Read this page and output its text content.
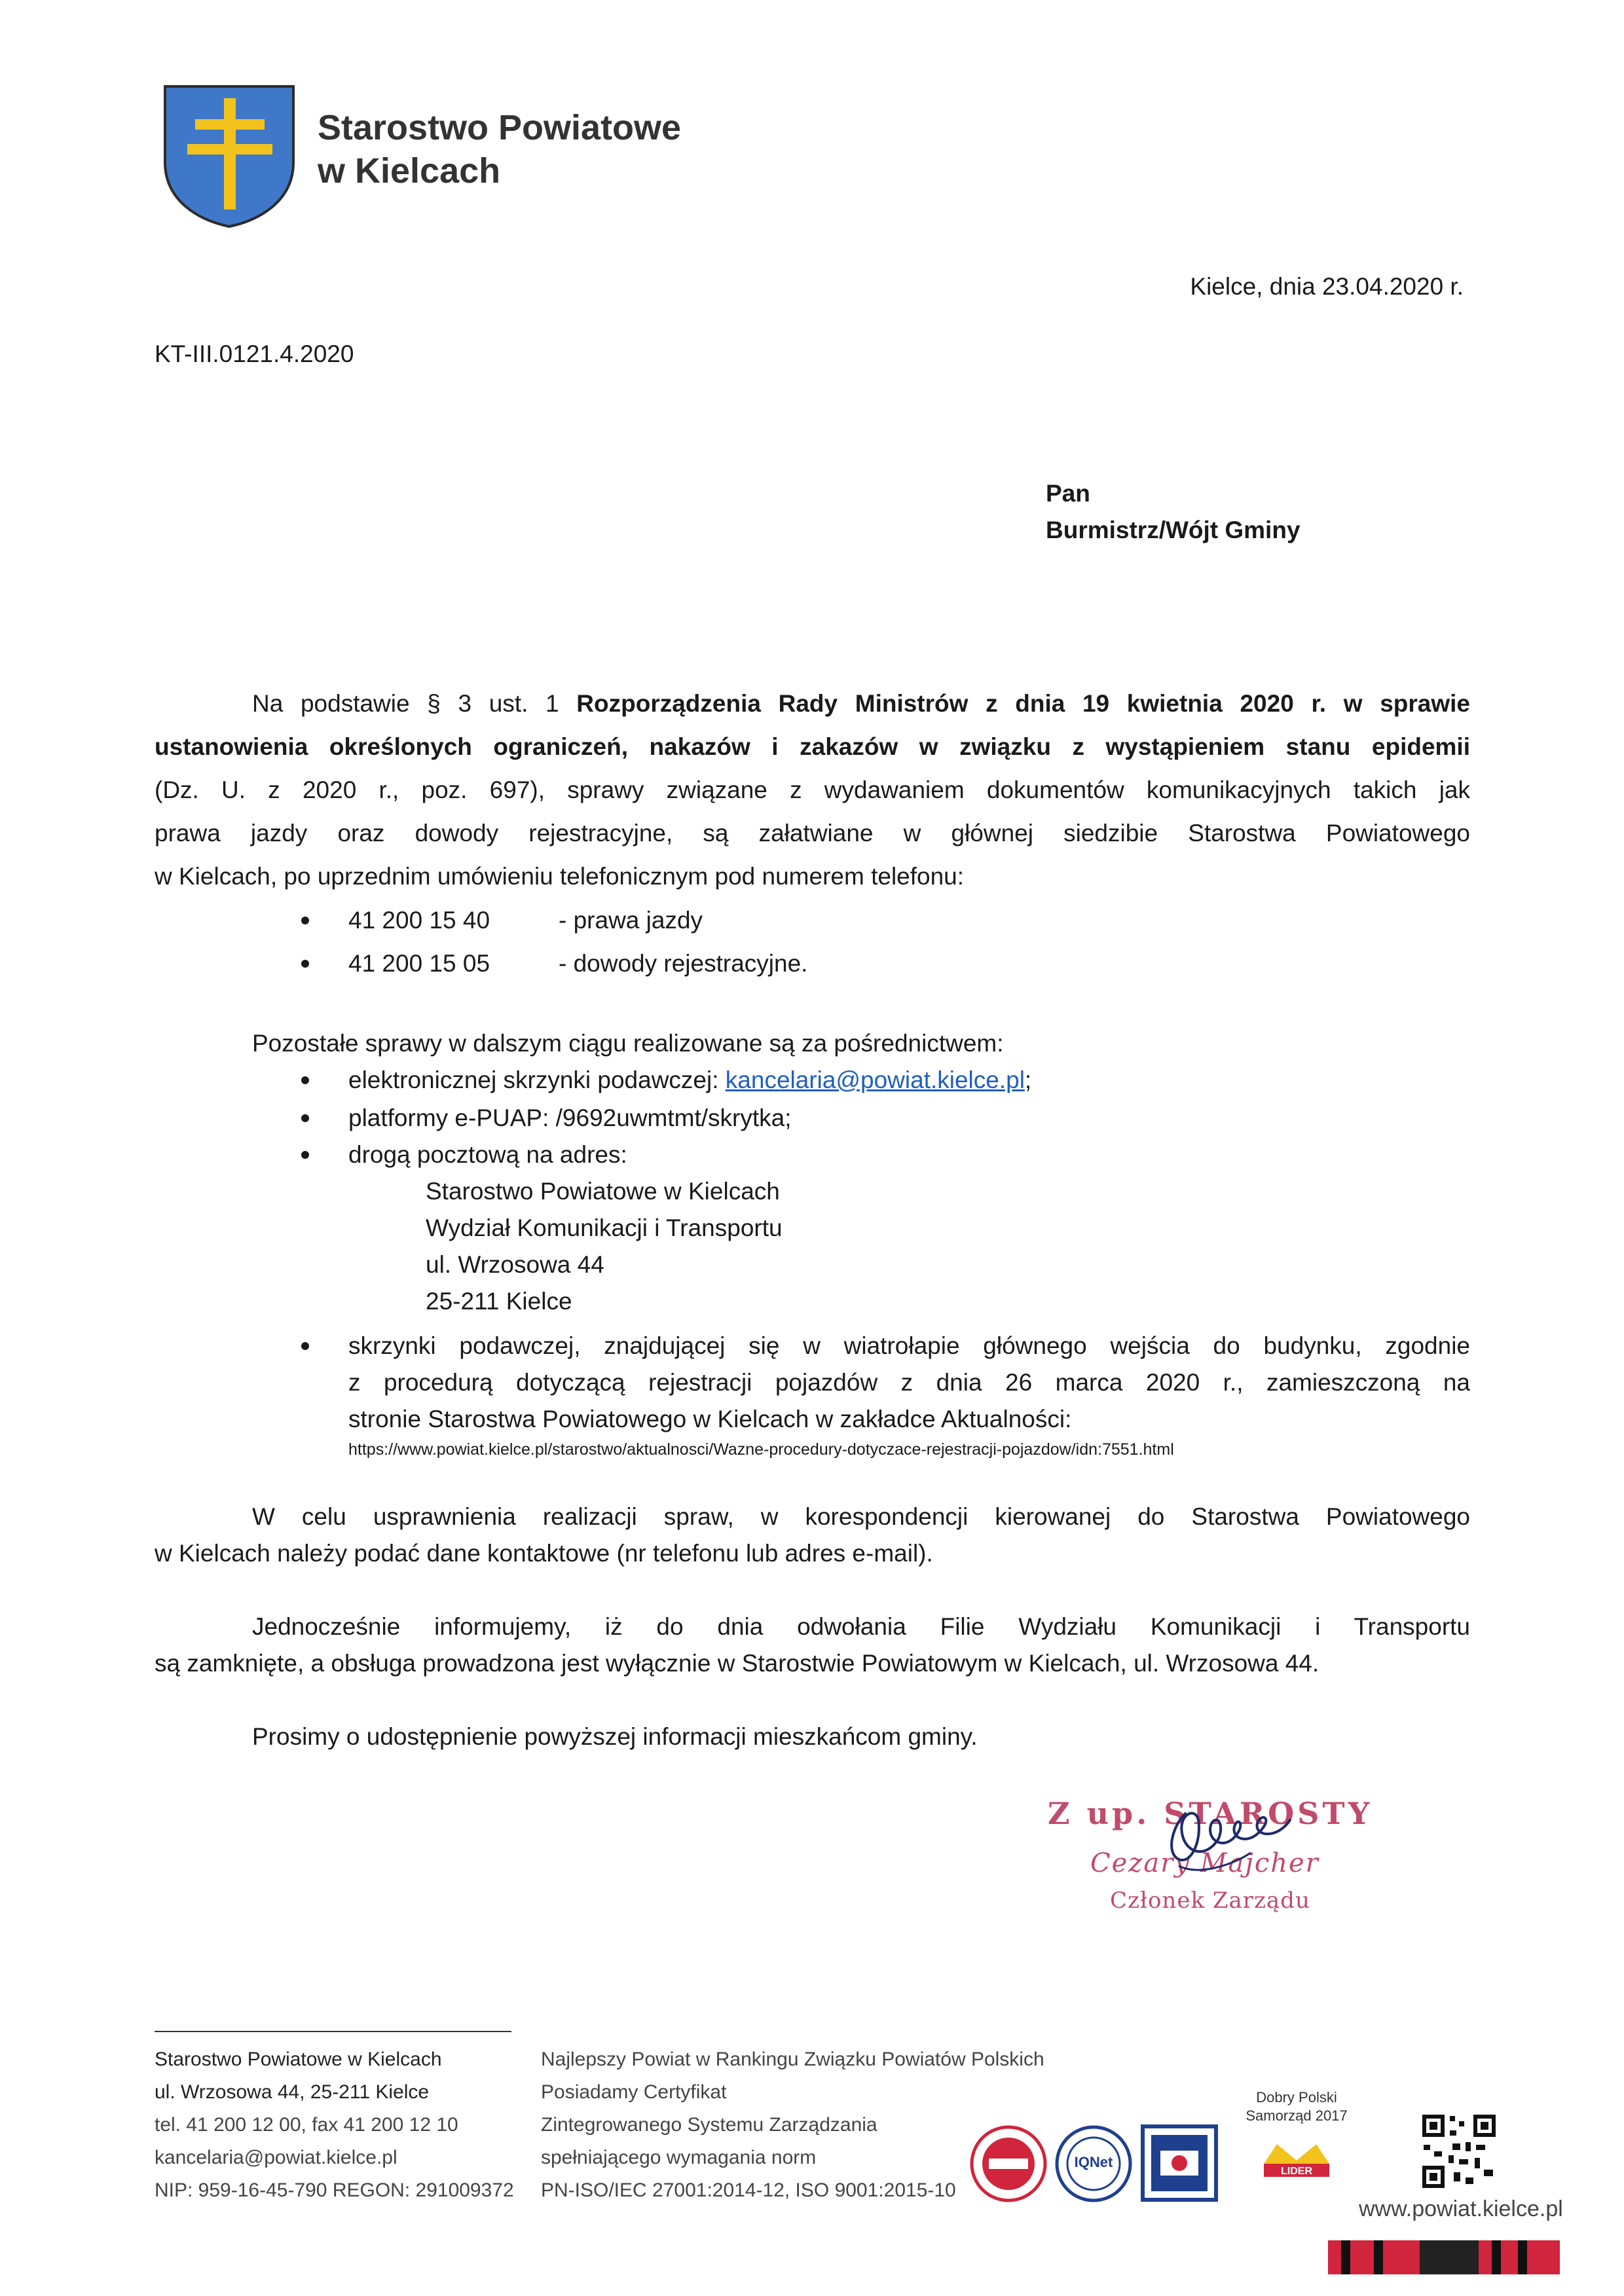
Starostwo Powiatowe
w Kielcach
Kielce, dnia 23.04.2020 r.
KT-III.0121.4.2020
Pan
Burmistrz/Wójt Gminy
Na podstawie § 3 ust. 1 Rozporządzenia Rady Ministrów z dnia 19 kwietnia 2020 r. w sprawie
ustanowienia określonych ograniczeń, nakazów i zakazów w związku z wystąpieniem stanu epidemii
(Dz. U. z 2020 r., poz. 697), sprawy związane z wydawaniem dokumentów komunikacyjnych takich jak
prawa jazdy oraz dowody rejestracyjne, są załatwiane w głównej siedzibie Starostwa Powiatowego
w Kielcach, po uprzednim umówieniu telefonicznym pod numerem telefonu:
41 200 15 40	- prawa jazdy
41 200 15 05	- dowody rejestracyjne.
Pozostałe sprawy w dalszym ciągu realizowane są za pośrednictwem:
elektronicznej skrzynki podawczej: kancelaria@powiat.kielce.pl;
platformy e-PUAP: /9692uwmtmt/skrytka;
drogą pocztową na adres:
Starostwo Powiatowe w Kielcach
Wydział Komunikacji i Transportu
ul. Wrzosowa 44
25-211 Kielce
skrzynki podawczej, znajdującej się w wiatrołapie głównego wejścia do budynku, zgodnie
z procedurą dotyczącą rejestracji pojazdów z dnia 26 marca 2020 r., zamieszczoną na
stronie Starostwa Powiatowego w Kielcach w zakładce Aktualności:
https://www.powiat.kielce.pl/starostwo/aktualnosci/Wazne-procedury-dotyczace-rejestracji-pojazdow/idn:7551.html
W celu usprawnienia realizacji spraw, w korespondencji kierowanej do Starostwa Powiatowego
w Kielcach należy podać dane kontaktowe (nr telefonu lub adres e-mail).
Jednocześnie informujemy, iż do dnia odwołania Filie Wydziału Komunikacji i Transportu
są zamknięte, a obsługa prowadzona jest wyłącznie w Starostwie Powiatowym w Kielcach, ul. Wrzosowa 44.
Prosimy o udostępnienie powyższej informacji mieszkańcom gminy.
Z up. STAROSTY
Cezary Majcher
Członek Zarządu
Starostwo Powiatowe w Kielcach
ul. Wrzosowa 44, 25-211 Kielce
tel. 41 200 12 00, fax 41 200 12 10
kancelaria@powiat.kielce.pl
NIP: 959-16-45-790 REGON: 291009372
Najlepszy Powiat w Rankingu Związku Powiatów Polskich
Posiadamy Certyfikat
Zintegrowanego Systemu Zarządzania
spełniającego wymagania norm
PN-ISO/IEC 27001:2014-12, ISO 9001:2015-10
IQNet
Dobry Polski
Samorząd 2017
LIDER
www.powiat.kielce.pl
